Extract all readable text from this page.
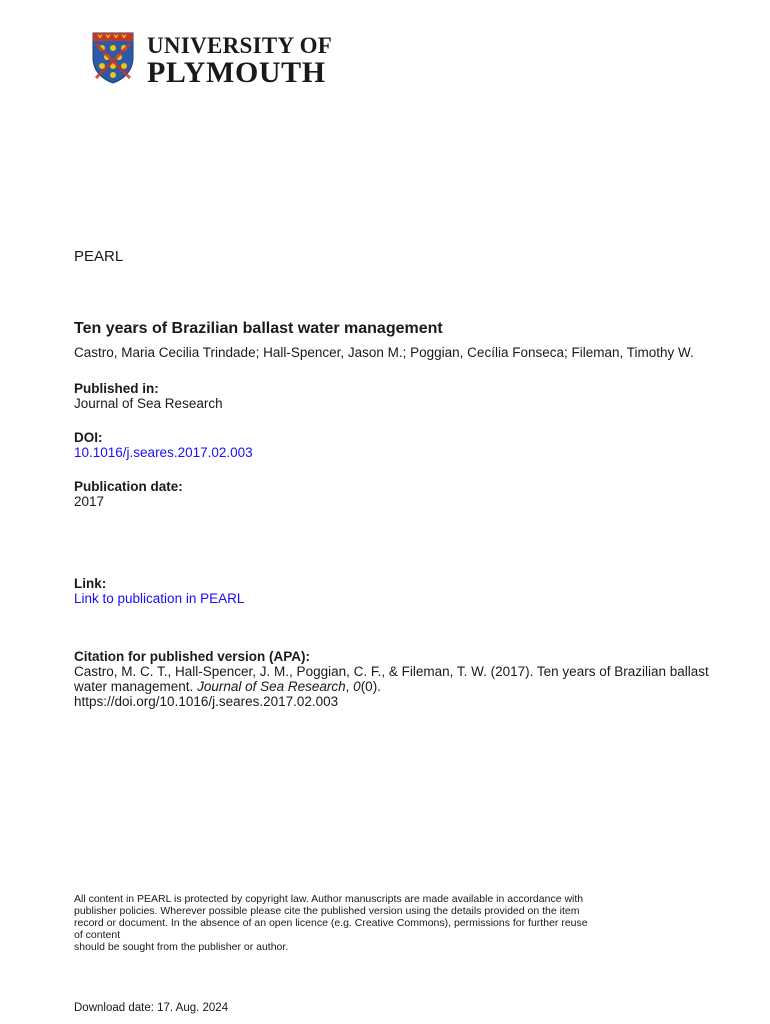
UNIVERSITY OF
PLYMOUTH
PEARL
Ten years of Brazilian ballast water management
Castro, Maria Cecilia Trindade; Hall-Spencer, Jason M.; Poggian, Cecília Fonseca; Fileman, Timothy W.
Published in:
Journal of Sea Research
DOI:
10.1016/j.seares.2017.02.003
Publication date:
2017
Link:
Link to publication in PEARL
Citation for published version (APA):
Castro, M. C. T., Hall-Spencer, J. M., Poggian, C. F., & Fileman, T. W. (2017). Ten years of Brazilian ballast water management. Journal of Sea Research, 0(0).
https://doi.org/10.1016/j.seares.2017.02.003
All content in PEARL is protected by copyright law. Author manuscripts are made available in accordance with
publisher policies. Wherever possible please cite the published version using the details provided on the item
record or document. In the absence of an open licence (e.g. Creative Commons), permissions for further reuse
of content
should be sought from the publisher or author.
Download date: 17. Aug. 2024
